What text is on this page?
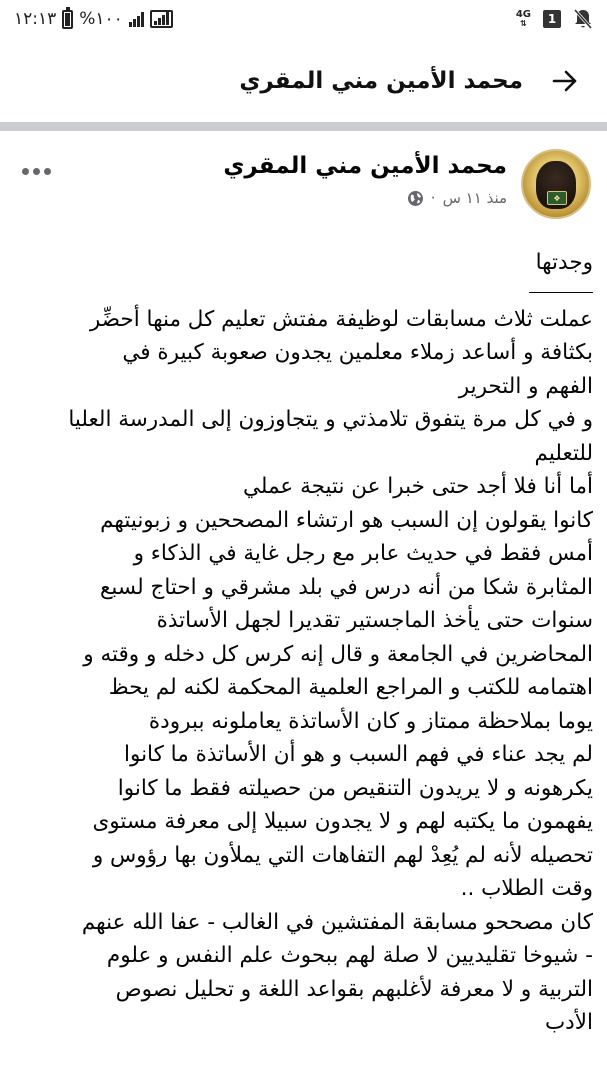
١٢:١٣ %١٠٠	4G
⇅	1
محمد الأمين مني المقري
❖
محمد الأمين مني المقري
منذ ١١ س
·
وجدتها
عملت ثلاث مسابقات لوظيفة مفتش تعليم كل منها أحضِّر
بكثافة و أساعد زملاء معلمين يجدون صعوبة كبيرة في
الفهم و التحرير
و في كل مرة يتفوق تلامذتي و يتجاوزون إلى المدرسة العليا
للتعليم
أما أنا فلا أجد حتى خبرا عن نتيجة عملي
كانوا يقولون إن السبب هو ارتشاء المصححين و زبونيتهم
أمس فقط في حديث عابر مع رجل غاية في الذكاء و
المثابرة شكا من أنه درس في بلد مشرقي و احتاج لسبع
سنوات حتى يأخذ الماجستير تقديرا لجهل الأساتذة
المحاضرين في الجامعة و قال إنه كرس كل دخله و وقته و
اهتمامه للكتب و المراجع العلمية المحكمة لكنه لم يحظ
يوما بملاحظة ممتاز و كان الأساتذة يعاملونه ببرودة
لم يجد عناء في فهم السبب و هو أن الأساتذة ما كانوا
يكرهونه و لا يريدون التنقيص من حصيلته فقط ما كانوا
يفهمون ما يكتبه لهم و لا يجدون سبيلا إلى معرفة مستوى
تحصيله لأنه لم يُعِدْ لهم التفاهات التي يملأون بها رؤوس و
وقت الطلاب ..
كان مصححو مسابقة المفتشين في الغالب - عفا الله عنهم
- شيوخا تقليديين لا صلة لهم ببحوث علم النفس و علوم
التربية و لا معرفة لأغلبهم بقواعد اللغة و تحليل نصوص
الأدب
